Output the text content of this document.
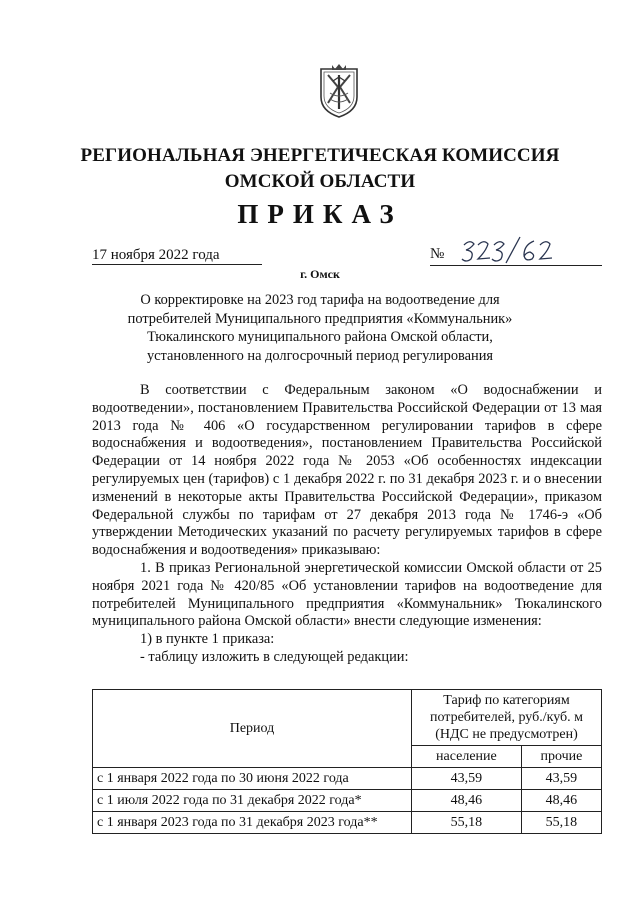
РЕГИОНАЛЬНАЯ ЭНЕРГЕТИЧЕСКАЯ КОМИССИЯ
ОМСКОЙ ОБЛАСТИ
ПРИКАЗ
17 ноября 2022 года	№
г. Омск
О корректировке на 2023 год тарифа на водоотведение для
потребителей Муниципального предприятия «Коммунальник»
Тюкалинского муниципального района Омской области,
установленного на долгосрочный период регулирования

В соответствии с Федеральным законом «О водоснабжении и водоотведении», постановлением Правительства Российской Федерации от 13 мая 2013 года № 406 «О государственном регулировании тарифов в сфере водоснабжения и водоотведения», постановлением Правительства Российской Федерации от 14 ноября 2022 года № 2053 «Об особенностях индексации регулируемых цен (тарифов) с 1 декабря 2022 г. по 31 декабря 2023 г. и о внесении изменений в некоторые акты Правительства Российской Федерации», приказом Федеральной службы по тарифам от 27 декабря 2013 года № 1746-э «Об утверждении Методических указаний по расчету регулируемых тарифов в сфере водоснабжения и водоотведения» приказываю:

1. В приказ Региональной энергетической комиссии Омской области от 25 ноября 2021 года № 420/85 «Об установлении тарифов на водоотведение для потребителей Муниципального предприятия «Коммунальник» Тюкалинского муниципального района Омской области» внести следующие изменения:

1) в пункте 1 приказа:

- таблицу изложить в следующей редакции:

Период	Тариф по категориям
потребителей, руб./куб. м
(НДС не предусмотрен)	

	население	прочие
с 1 января 2022 года по 30 июня 2022 года	43,59	43,59
с 1 июля 2022 года по 31 декабря 2022 года*	48,46	48,46
с 1 января 2023 года по 31 декабря 2023 года**	55,18	55,18
